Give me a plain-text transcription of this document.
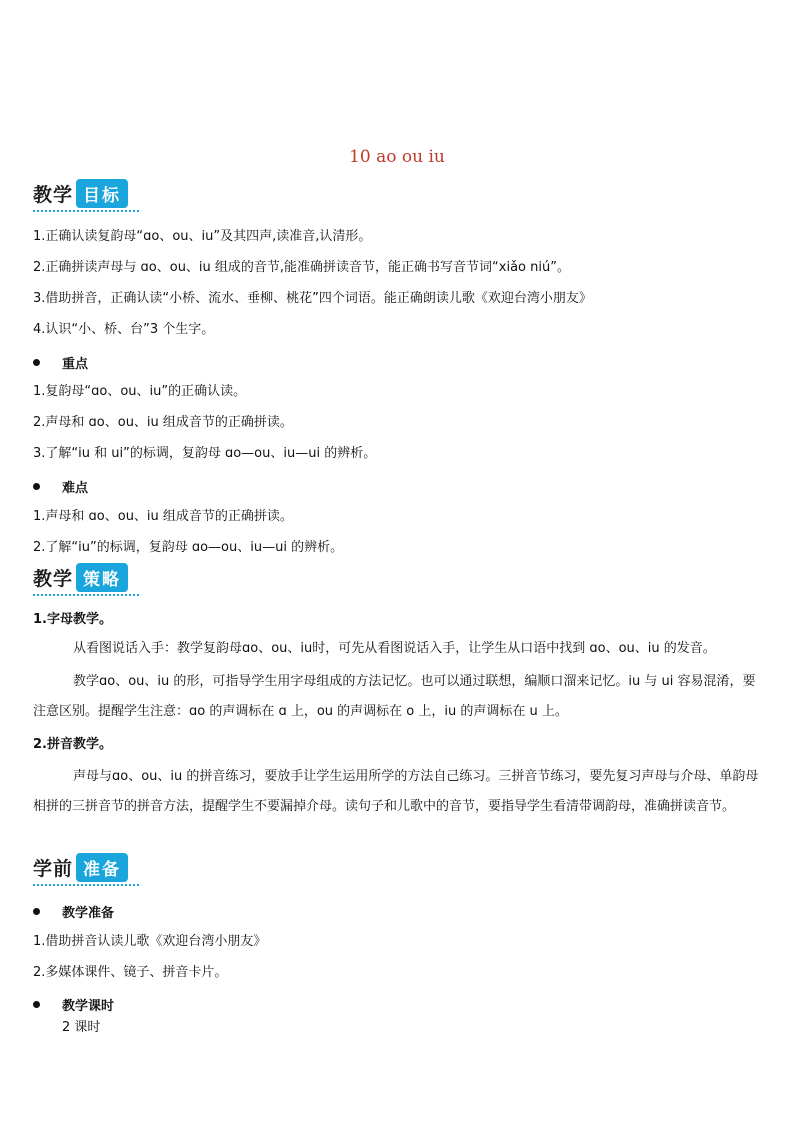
10 ao ou iu
教学 目标
1.正确认读复韵母“ɑo、ou、iu”及其四声,读准音,认清形。
2.正确拼读声母与 ɑo、ou、iu 组成的音节,能准确拼读音节，能正确书写音节词“xiǎo niú”。
3.借助拼音，正确认读“小桥、流水、垂柳、桃花”四个词语。能正确朗读儿歌《欢迎台湾小朋友》
4.认识“小、桥、台”3 个生字。
重点
1.复韵母“ɑo、ou、iu”的正确认读。
2.声母和 ɑo、ou、iu 组成音节的正确拼读。
3.了解“iu 和 ui”的标调，复韵母 ɑo—ou、iu—ui 的辨析。
难点
1.声母和 ɑo、ou、iu 组成音节的正确拼读。
2.了解“iu”的标调，复韵母 ɑo—ou、iu—ui 的辨析。
教学 策略
1.字母教学。
从看图说话入手：教学复韵母ɑo、ou、iu时，可先从看图说话入手，让学生从口语中找到 ɑo、ou、iu 的发音。
教学ɑo、ou、iu 的形，可指导学生用字母组成的方法记忆。也可以通过联想，编顺口溜来记忆。iu 与 ui 容易混淆，要注意区别。提醒学生注意：ɑo 的声调标在 ɑ 上，ou 的声调标在 o 上，iu 的声调标在 u 上。
2.拼音教学。
声母与ɑo、ou、iu 的拼音练习，要放手让学生运用所学的方法自己练习。三拼音节练习，要先复习声母与介母、单韵母相拼的三拼音节的拼音方法，提醒学生不要漏掉介母。读句子和儿歌中的音节，要指导学生看清带调韵母，准确拼读音节。
学前 准备
教学准备
1.借助拼音认读儿歌《欢迎台湾小朋友》
2.多媒体课件、镜子、拼音卡片。
教学课时
2 课时
